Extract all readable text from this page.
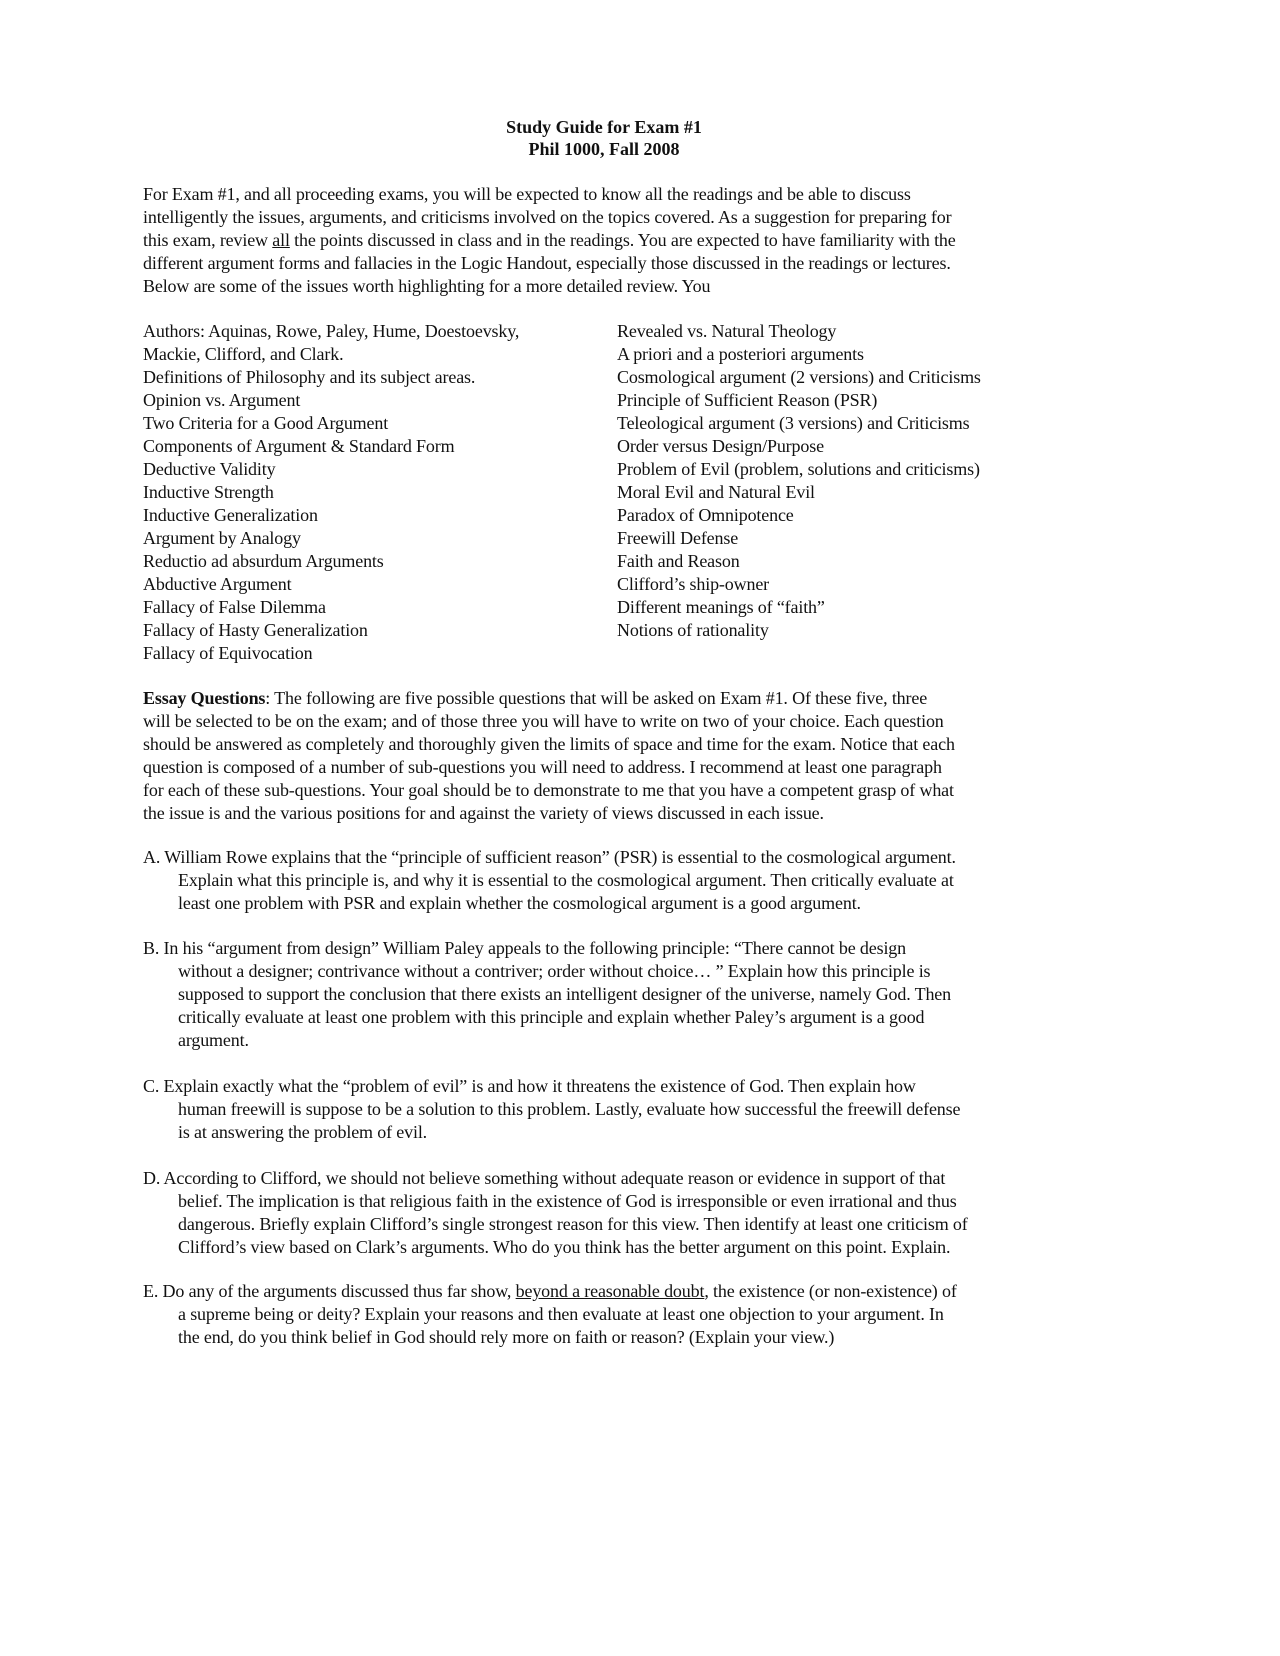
Study Guide for Exam #1
Phil 1000, Fall 2008
For Exam #1, and all proceeding exams, you will be expected to know all the readings and be able to discuss
intelligently the issues, arguments, and criticisms involved on the topics covered. As a suggestion for preparing for
this exam, review all the points discussed in class and in the readings. You are expected to have familiarity with the
different argument forms and fallacies in the Logic Handout, especially those discussed in the readings or lectures.
Below are some of the issues worth highlighting for a more detailed review. You
Authors: Aquinas, Rowe, Paley, Hume, Doestoevsky,
Mackie, Clifford, and Clark.
Definitions of Philosophy and its subject areas.
Opinion vs. Argument
Two Criteria for a Good Argument
Components of Argument & Standard Form
Deductive Validity
Inductive Strength
Inductive Generalization
Argument by Analogy
Reductio ad absurdum Arguments
Abductive Argument
Fallacy of False Dilemma
Fallacy of Hasty Generalization
Fallacy of Equivocation
Revealed vs. Natural Theology
A priori and a posteriori arguments
Cosmological argument (2 versions) and Criticisms
Principle of Sufficient Reason (PSR)
Teleological argument (3 versions) and Criticisms
Order versus Design/Purpose
Problem of Evil (problem, solutions and criticisms)
Moral Evil and Natural Evil
Paradox of Omnipotence
Freewill Defense
Faith and Reason
Clifford’s ship-owner
Different meanings of “faith”
Notions of rationality
Essay Questions: The following are five possible questions that will be asked on Exam #1. Of these five, three
will be selected to be on the exam; and of those three you will have to write on two of your choice. Each question
should be answered as completely and thoroughly given the limits of space and time for the exam. Notice that each
question is composed of a number of sub-questions you will need to address. I recommend at least one paragraph
for each of these sub-questions. Your goal should be to demonstrate to me that you have a competent grasp of what
the issue is and the various positions for and against the variety of views discussed in each issue.
A. William Rowe explains that the “principle of sufficient reason” (PSR) is essential to the cosmological argument.
Explain what this principle is, and why it is essential to the cosmological argument. Then critically evaluate at
least one problem with PSR and explain whether the cosmological argument is a good argument.
B. In his “argument from design” William Paley appeals to the following principle: “There cannot be design
without a designer; contrivance without a contriver; order without choice… ” Explain how this principle is
supposed to support the conclusion that there exists an intelligent designer of the universe, namely God. Then
critically evaluate at least one problem with this principle and explain whether Paley’s argument is a good
argument.
C. Explain exactly what the “problem of evil” is and how it threatens the existence of God. Then explain how
human freewill is suppose to be a solution to this problem. Lastly, evaluate how successful the freewill defense
is at answering the problem of evil.
D. According to Clifford, we should not believe something without adequate reason or evidence in support of that
belief. The implication is that religious faith in the existence of God is irresponsible or even irrational and thus
dangerous. Briefly explain Clifford’s single strongest reason for this view. Then identify at least one criticism of
Clifford’s view based on Clark’s arguments. Who do you think has the better argument on this point. Explain.
E. Do any of the arguments discussed thus far show, beyond a reasonable doubt, the existence (or non-existence) of
a supreme being or deity? Explain your reasons and then evaluate at least one objection to your argument. In
the end, do you think belief in God should rely more on faith or reason? (Explain your view.)
